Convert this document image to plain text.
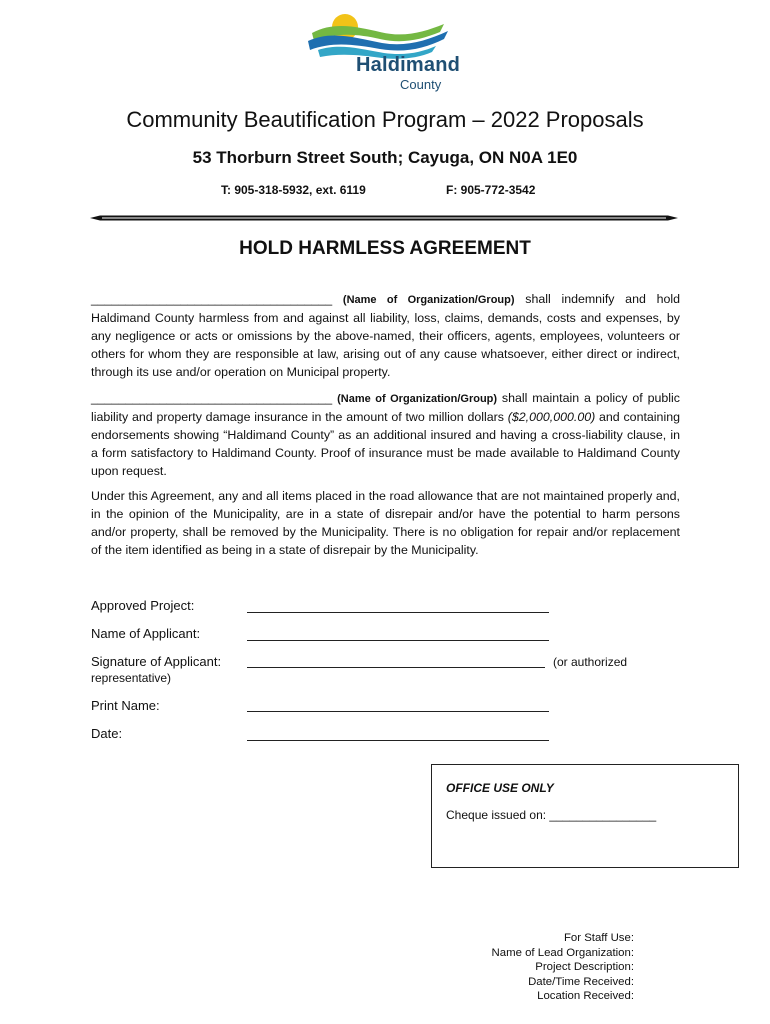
Haldimand
County
Community Beautification Program – 2022 Proposals
53 Thorburn Street South; Cayuga, ON N0A 1E0
T: 905-318-5932, ext. 6119	F: 905-772-3542
HOLD HARMLESS AGREEMENT
___________________________________ (Name of Organization/Group) shall indemnify and hold Haldimand County harmless from and against all liability, loss, claims, demands, costs and expenses, by any negligence or acts or omissions by the above-named, their officers, agents, employees, volunteers or others for whom they are responsible at law, arising out of any cause whatsoever, either direct or indirect, through its use and/or operation on Municipal property.
___________________________________ (Name of Organization/Group) shall maintain a policy of public liability and property damage insurance in the amount of two million dollars ($2,000,000.00) and containing endorsements showing “Haldimand County” as an additional insured and having a cross-liability clause, in a form satisfactory to Haldimand County. Proof of insurance must be made available to Haldimand County upon request.
Under this Agreement, any and all items placed in the road allowance that are not maintained properly and, in the opinion of the Municipality, are in a state of disrepair and/or have the potential to harm persons and/or property, shall be removed by the Municipality. There is no obligation for repair and/or replacement of the item identified as being in a state of disrepair by the Municipality.
Approved Project:
Name of Applicant:
Signature of Applicant:	(or authorized
representative)
Print Name:
Date:
OFFICE USE ONLY
Cheque issued on: ________________
For Staff Use:
Name of Lead Organization:
Project Description:
Date/Time Received:
Location Received:
